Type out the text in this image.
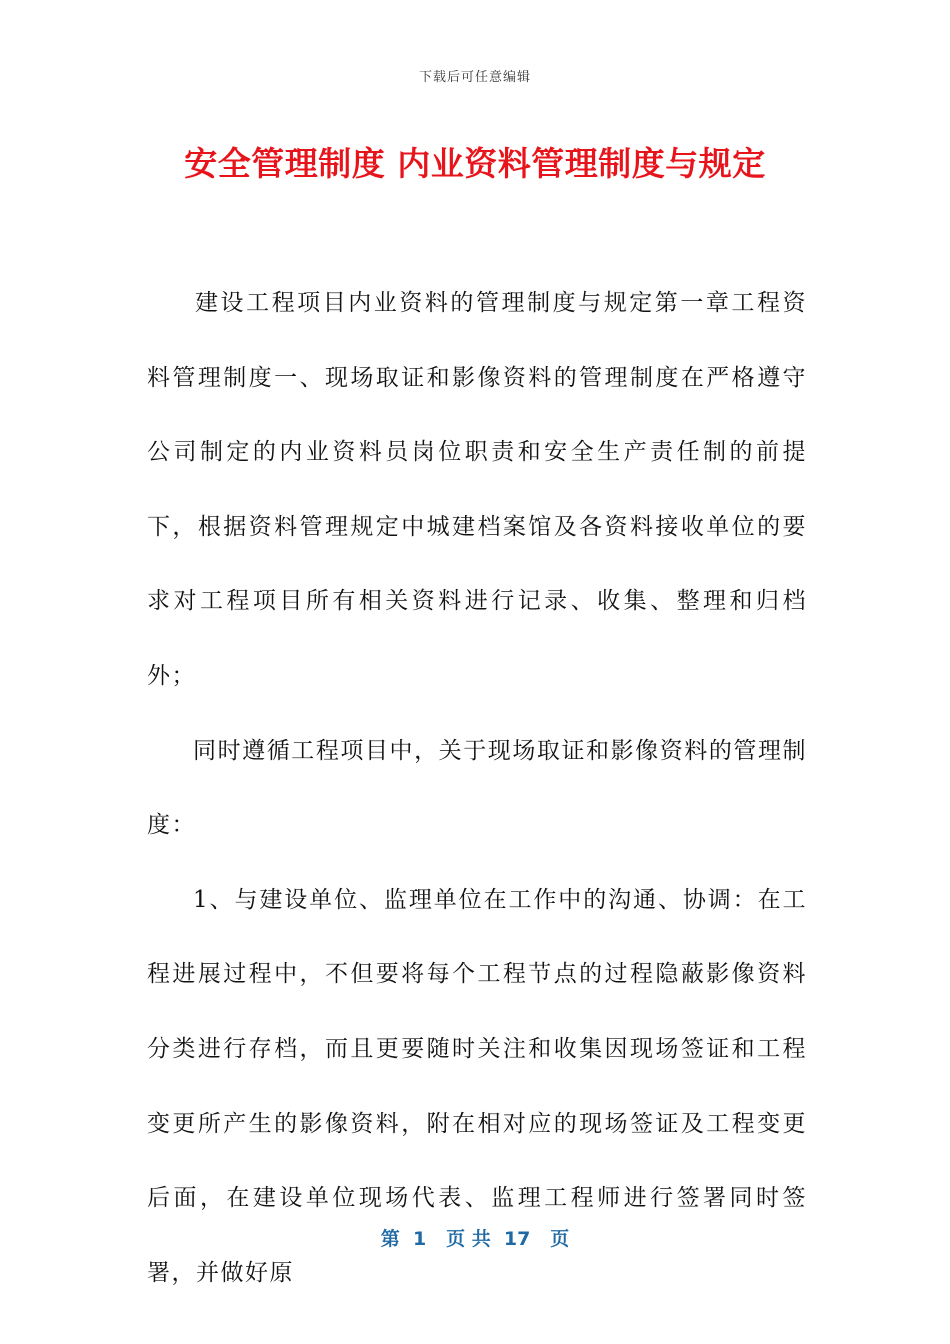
下载后可任意编辑
安全管理制度 内业资料管理制度与规定

建设工程项目内业资料的管理制度与规定第一章工程资料管理制度一、现场取证和影像资料的管理制度在严格遵守公司制定的内业资料员岗位职责和安全生产责任制的前提下，根据资料管理规定中城建档案馆及各资料接收单位的要求对工程项目所有相关资料进行记录、收集、整理和归档外；

同时遵循工程项目中，关于现场取证和影像资料的管理制度：

1、与建设单位、监理单位在工作中的沟通、协调：在工程进展过程中，不但要将每个工程节点的过程隐蔽影像资料分类进行存档，而且更要随时关注和收集因现场签证和工程变更所产生的影像资料，附在相对应的现场签证及工程变更后面，在建设单位现场代表、监理工程师进行签署同时签署，并做好原

第  1   页 共  17   页
